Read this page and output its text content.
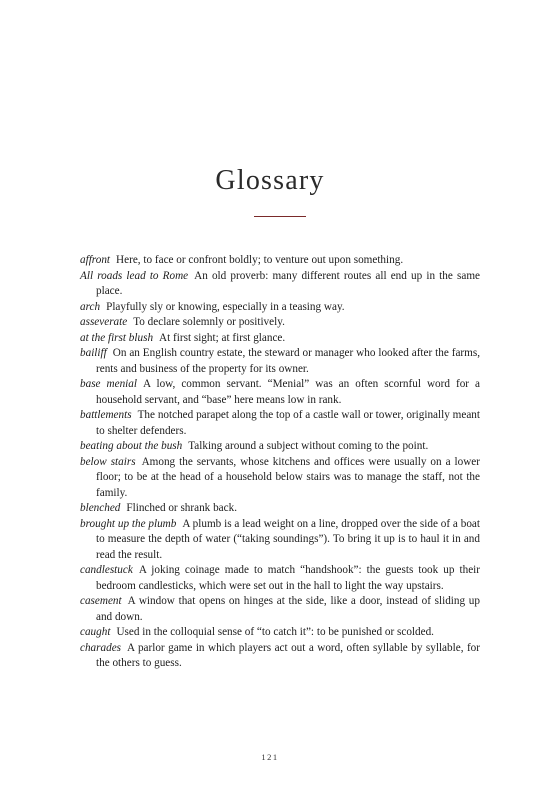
Glossary
affront Here, to face or confront boldly; to venture out upon something.
All roads lead to Rome An old proverb: many different routes all end up in the same place.
arch Playfully sly or knowing, especially in a teasing way.
asseverate To declare solemnly or positively.
at the first blush At first sight; at first glance.
bailiff On an English country estate, the steward or manager who looked after the farms, rents and business of the property for its owner.
base menial A low, common servant. “Menial” was an often scornful word for a household servant, and “base” here means low in rank.
battlements The notched parapet along the top of a castle wall or tower, originally meant to shelter defenders.
beating about the bush Talking around a subject without coming to the point.
below stairs Among the servants, whose kitchens and offices were usually on a lower floor; to be at the head of a household below stairs was to manage the staff, not the family.
blenched Flinched or shrank back.
brought up the plumb A plumb is a lead weight on a line, dropped over the side of a boat to measure the depth of water (“taking soundings”). To bring it up is to haul it in and read the result.
candlestuck A joking coinage made to match “handshook”: the guests took up their bedroom candlesticks, which were set out in the hall to light the way upstairs.
casement A window that opens on hinges at the side, like a door, instead of sliding up and down.
caught Used in the colloquial sense of “to catch it”: to be punished or scolded.
charades A parlor game in which players act out a word, often syllable by syllable, for the others to guess.
121
